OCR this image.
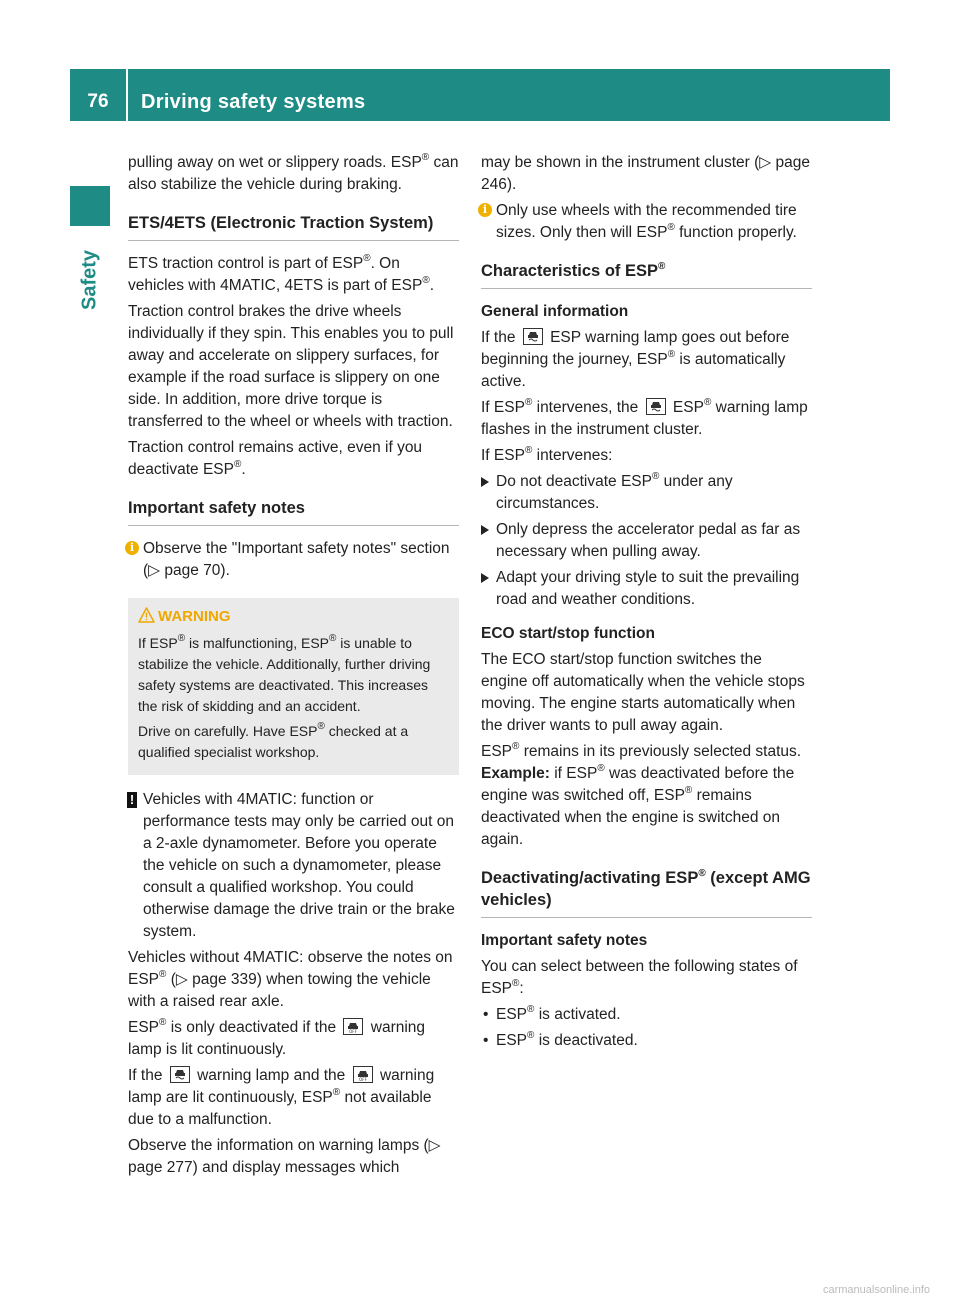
76	Driving safety systems
Safety

pulling away on wet or slippery roads. ESP® can also stabilize the vehicle during braking.

ETS/4ETS (Electronic Traction System)

ETS traction control is part of ESP®. On vehicles with 4MATIC, 4ETS is part of ESP®.

Traction control brakes the drive wheels individually if they spin. This enables you to pull away and accelerate on slippery surfaces, for example if the road surface is slippery on one side. In addition, more drive torque is transferred to the wheel or wheels with traction.

Traction control remains active, even if you deactivate ESP®.

Important safety notes
i Observe the "Important safety notes" section (▷ page 70).
WARNING

If ESP® is malfunctioning, ESP® is unable to stabilize the vehicle. Additionally, further driving safety systems are deactivated. This increases the risk of skidding and an accident.

Drive on carefully. Have ESP® checked at a qualified specialist workshop.

! Vehicles with 4MATIC: function or performance tests may only be carried out on a 2-axle dynamometer. Before you operate the vehicle on such a dynamometer, please consult a qualified workshop. You could otherwise damage the drive train or the brake system.

Vehicles without 4MATIC: observe the notes on ESP® (▷ page 339) when towing the vehicle with a raised rear axle.

ESP® is only deactivated if the	OFF warning lamp is lit continuously.

If the warning lamp and the	OFF warning lamp are lit continuously, ESP® not available due to a malfunction.

Observe the information on warning lamps (▷ page 277) and display messages which

may be shown in the instrument cluster (▷ page 246).

i Only use wheels with the recommended tire sizes. Only then will ESP® function properly.
Characteristics of ESP®
General information

If the ESP warning lamp goes out before beginning the journey, ESP® is automatically active.

If ESP® intervenes, the ESP® warning lamp flashes in the instrument cluster.

If ESP® intervenes:

Do not deactivate ESP® under any circumstances.
Only depress the accelerator pedal as far as necessary when pulling away.
Adapt your driving style to suit the prevailing road and weather conditions.
ECO start/stop function

The ECO start/stop function switches the engine off automatically when the vehicle stops moving. The engine starts automatically when the driver wants to pull away again.

ESP® remains in its previously selected status. Example: if ESP® was deactivated before the engine was switched off, ESP® remains deactivated when the engine is switched on again.

Deactivating/activating ESP® (except AMG vehicles)
Important safety notes

You can select between the following states of ESP®:

• ESP® is activated.
• ESP® is deactivated.
carmanualsonline.info
